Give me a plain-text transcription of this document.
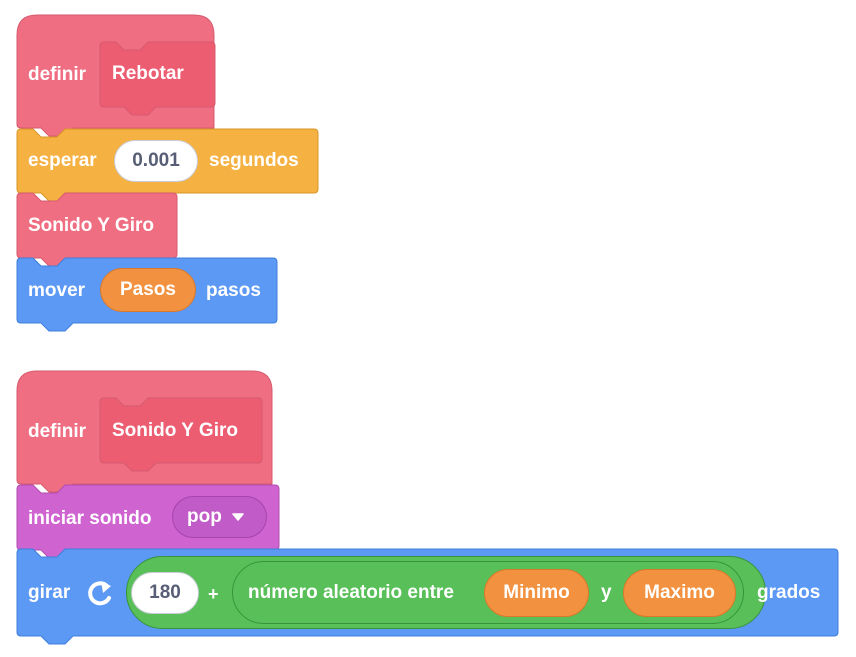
definir Rebotar
esperar	0.001	segundos
Sonido Y Giro
mover	Pasos	pasos
definir Sonido Y Giro
iniciar sonido pop
girar	180	+ número aleatorio entre	Minimo	y	Maximo	grados
